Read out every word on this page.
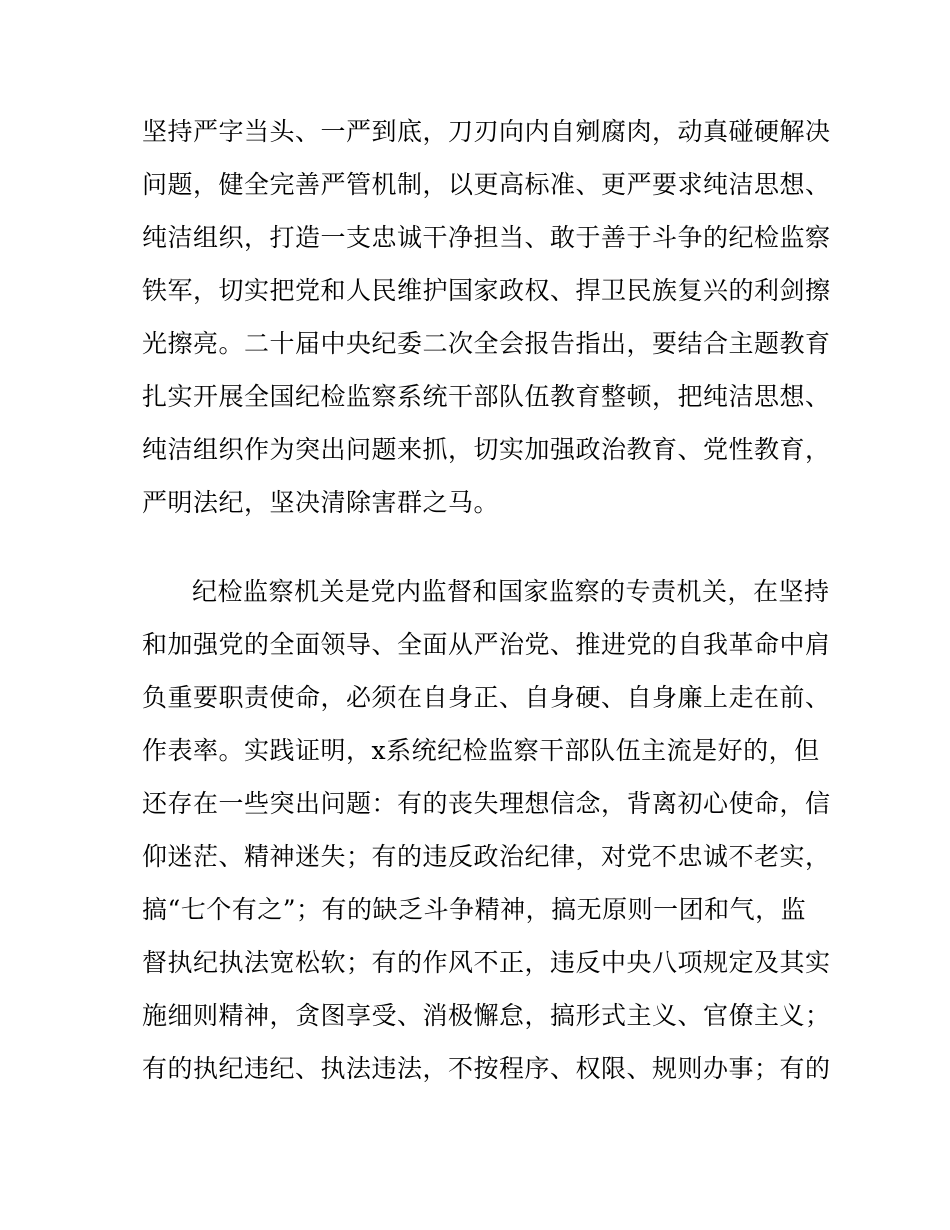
坚持严字当头、一严到底，刀刃向内自剜腐肉，动真碰硬解决
问题，健全完善严管机制，以更高标准、更严要求纯洁思想、
纯洁组织，打造一支忠诚干净担当、敢于善于斗争的纪检监察
铁军，切实把党和人民维护国家政权、捍卫民族复兴的利剑擦
光擦亮。二十届中央纪委二次全会报告指出，要结合主题教育
扎实开展全国纪检监察系统干部队伍教育整顿，把纯洁思想、
纯洁组织作为突出问题来抓，切实加强政治教育、党性教育，
严明法纪，坚决清除害群之马。
纪检监察机关是党内监督和国家监察的专责机关，在坚持
和加强党的全面领导、全面从严治党、推进党的自我革命中肩
负重要职责使命，必须在自身正、自身硬、自身廉上走在前、
作表率。实践证明，x系统纪检监察干部队伍主流是好的，但
还存在一些突出问题：有的丧失理想信念，背离初心使命，信
仰迷茫、精神迷失；有的违反政治纪律，对党不忠诚不老实，
搞“七个有之”；有的缺乏斗争精神，搞无原则一团和气，监
督执纪执法宽松软；有的作风不正，违反中央八项规定及其实
施细则精神，贪图享受、消极懈怠，搞形式主义、官僚主义；
有的执纪违纪、执法违法，不按程序、权限、规则办事；有的
